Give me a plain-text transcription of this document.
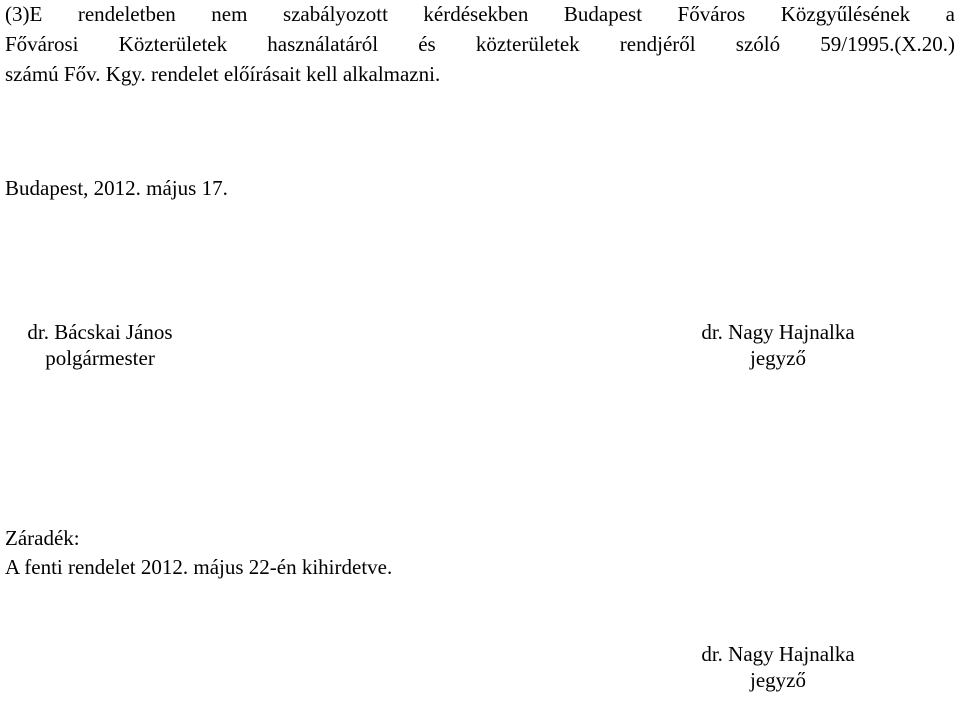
(3)E rendeletben nem szabályozott kérdésekben Budapest Főváros Közgyűlésének a
Fővárosi Közterületek használatáról és közterületek rendjéről szóló 59/1995.(X.20.)
számú Főv. Kgy. rendelet előírásait kell alkalmazni.
Budapest, 2012. május 17.
dr. Bácskai János
polgármester
dr. Nagy Hajnalka
jegyző
Záradék:
A fenti rendelet 2012. május 22-én kihirdetve.
dr. Nagy Hajnalka
jegyző
